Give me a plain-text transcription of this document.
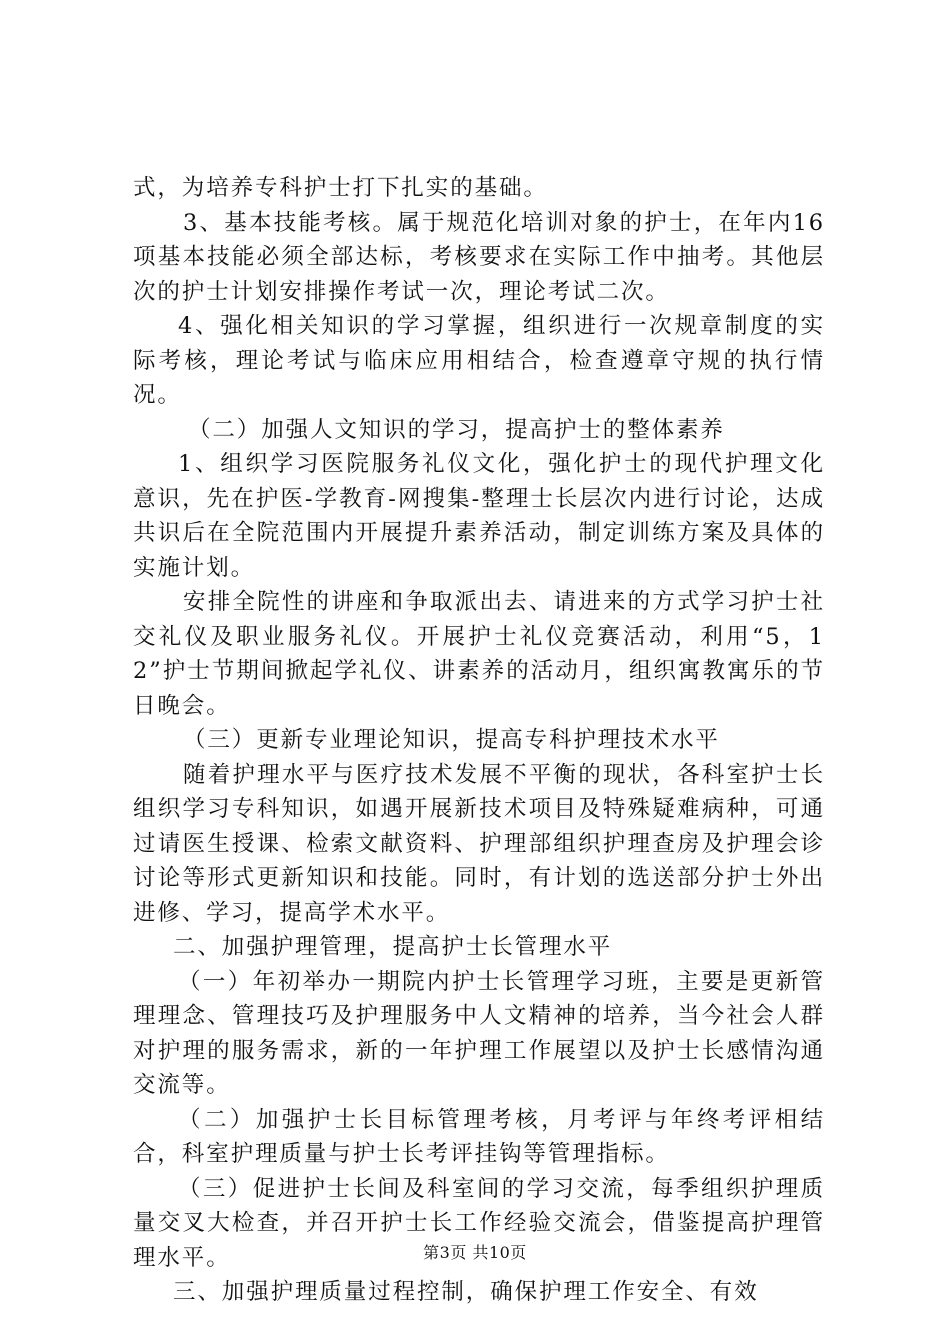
式，为培养专科护士打下扎实的基础。

3、基本技能考核。属于规范化培训对象的护士，在年内16项基本技能必须全部达标，考核要求在实际工作中抽考。其他层次的护士计划安排操作考试一次，理论考试二次。

4、强化相关知识的学习掌握，组织进行一次规章制度的实际考核，理论考试与临床应用相结合，检查遵章守规的执行情况。

（二）加强人文知识的学习，提高护士的整体素养

1、组织学习医院服务礼仪文化，强化护士的现代护理文化意识，先在护医-学教育-网搜集-整理士长层次内进行讨论，达成共识后在全院范围内开展提升素养活动，制定训练方案及具体的实施计划。

安排全院性的讲座和争取派出去、请进来的方式学习护士社交礼仪及职业服务礼仪。开展护士礼仪竞赛活动，利用“5，12”护士节期间掀起学礼仪、讲素养的活动月，组织寓教寓乐的节日晚会。

（三）更新专业理论知识，提高专科护理技术水平

随着护理水平与医疗技术发展不平衡的现状，各科室护士长组织学习专科知识，如遇开展新技术项目及特殊疑难病种，可通过请医生授课、检索文献资料、护理部组织护理查房及护理会诊讨论等形式更新知识和技能。同时，有计划的选送部分护士外出进修、学习，提高学术水平。

二、加强护理管理，提高护士长管理水平

（一）年初举办一期院内护士长管理学习班，主要是更新管理理念、管理技巧及护理服务中人文精神的培养，当今社会人群对护理的服务需求，新的一年护理工作展望以及护士长感情沟通交流等。

（二）加强护士长目标管理考核，月考评与年终考评相结合，科室护理质量与护士长考评挂钩等管理指标。

（三）促进护士长间及科室间的学习交流，每季组织护理质量交叉大检查，并召开护士长工作经验交流会，借鉴提高护理管理水平。

三、加强护理质量过程控制，确保护理工作安全、有效

第3页 共10页
